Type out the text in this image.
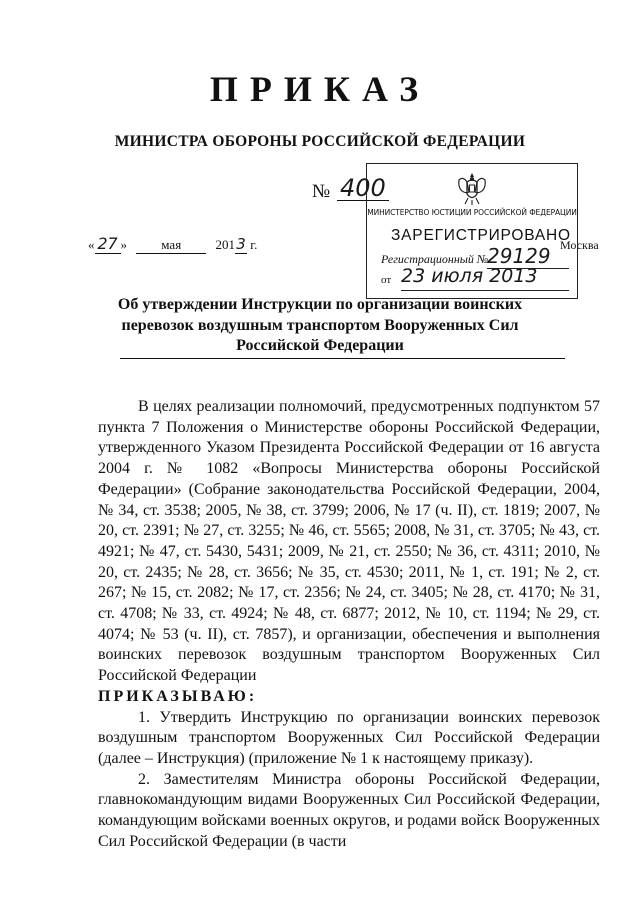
ПРИКАЗ
МИНИСТРА ОБОРОНЫ РОССИЙСКОЙ ФЕДЕРАЦИИ
№ 400
« 27 »	мая	2013 г.	Москва
МИНИСТЕРСТВО ЮСТИЦИИ РОССИЙСКОЙ ФЕДЕРАЦИИ
ЗАРЕГИСТРИРОВАНО
Регистрационный №
29129
от 23 июля 2013
Об утверждении Инструкции по организации воинских перевозок воздушным транспортом Вооруженных Сил Российской Федерации

В целях реализации полномочий, предусмотренных подпунктом 57 пункта 7 Положения о Министерстве обороны Российской Федерации, утвержденного Указом Президента Российской Федерации от 16 августа 2004 г. № 1082 «Вопросы Министерства обороны Российской Федерации» (Собрание законодательства Российской Федерации, 2004, № 34, ст. 3538; 2005, № 38, ст. 3799; 2006, № 17 (ч. II), ст. 1819; 2007, № 20, ст. 2391; № 27, ст. 3255; № 46, ст. 5565; 2008, № 31, ст. 3705; № 43, ст. 4921; № 47, ст. 5430, 5431; 2009, № 21, ст. 2550; № 36, ст. 4311; 2010, № 20, ст. 2435; № 28, ст. 3656; № 35, ст. 4530; 2011, № 1, ст. 191; № 2, ст. 267; № 15, ст. 2082; № 17, ст. 2356; № 24, ст. 3405; № 28, ст. 4170; № 31, ст. 4708; № 33, ст. 4924; № 48, ст. 6877; 2012, № 10, ст. 1194; № 29, ст. 4074; № 53 (ч. II), ст. 7857), и организации, обеспечения и выполнения воинских перевозок воздушным транспортом Вооруженных Сил Российской Федерации

ПРИКАЗЫВАЮ:

1. Утвердить Инструкцию по организации воинских перевозок воздушным транспортом Вооруженных Сил Российской Федерации (далее – Инструкция) (приложение № 1 к настоящему приказу).

2. Заместителям Министра обороны Российской Федерации, главнокомандующим видами Вооруженных Сил Российской Федерации, командующим войсками военных округов, и родами войск Вооруженных Сил Российской Федерации (в части
